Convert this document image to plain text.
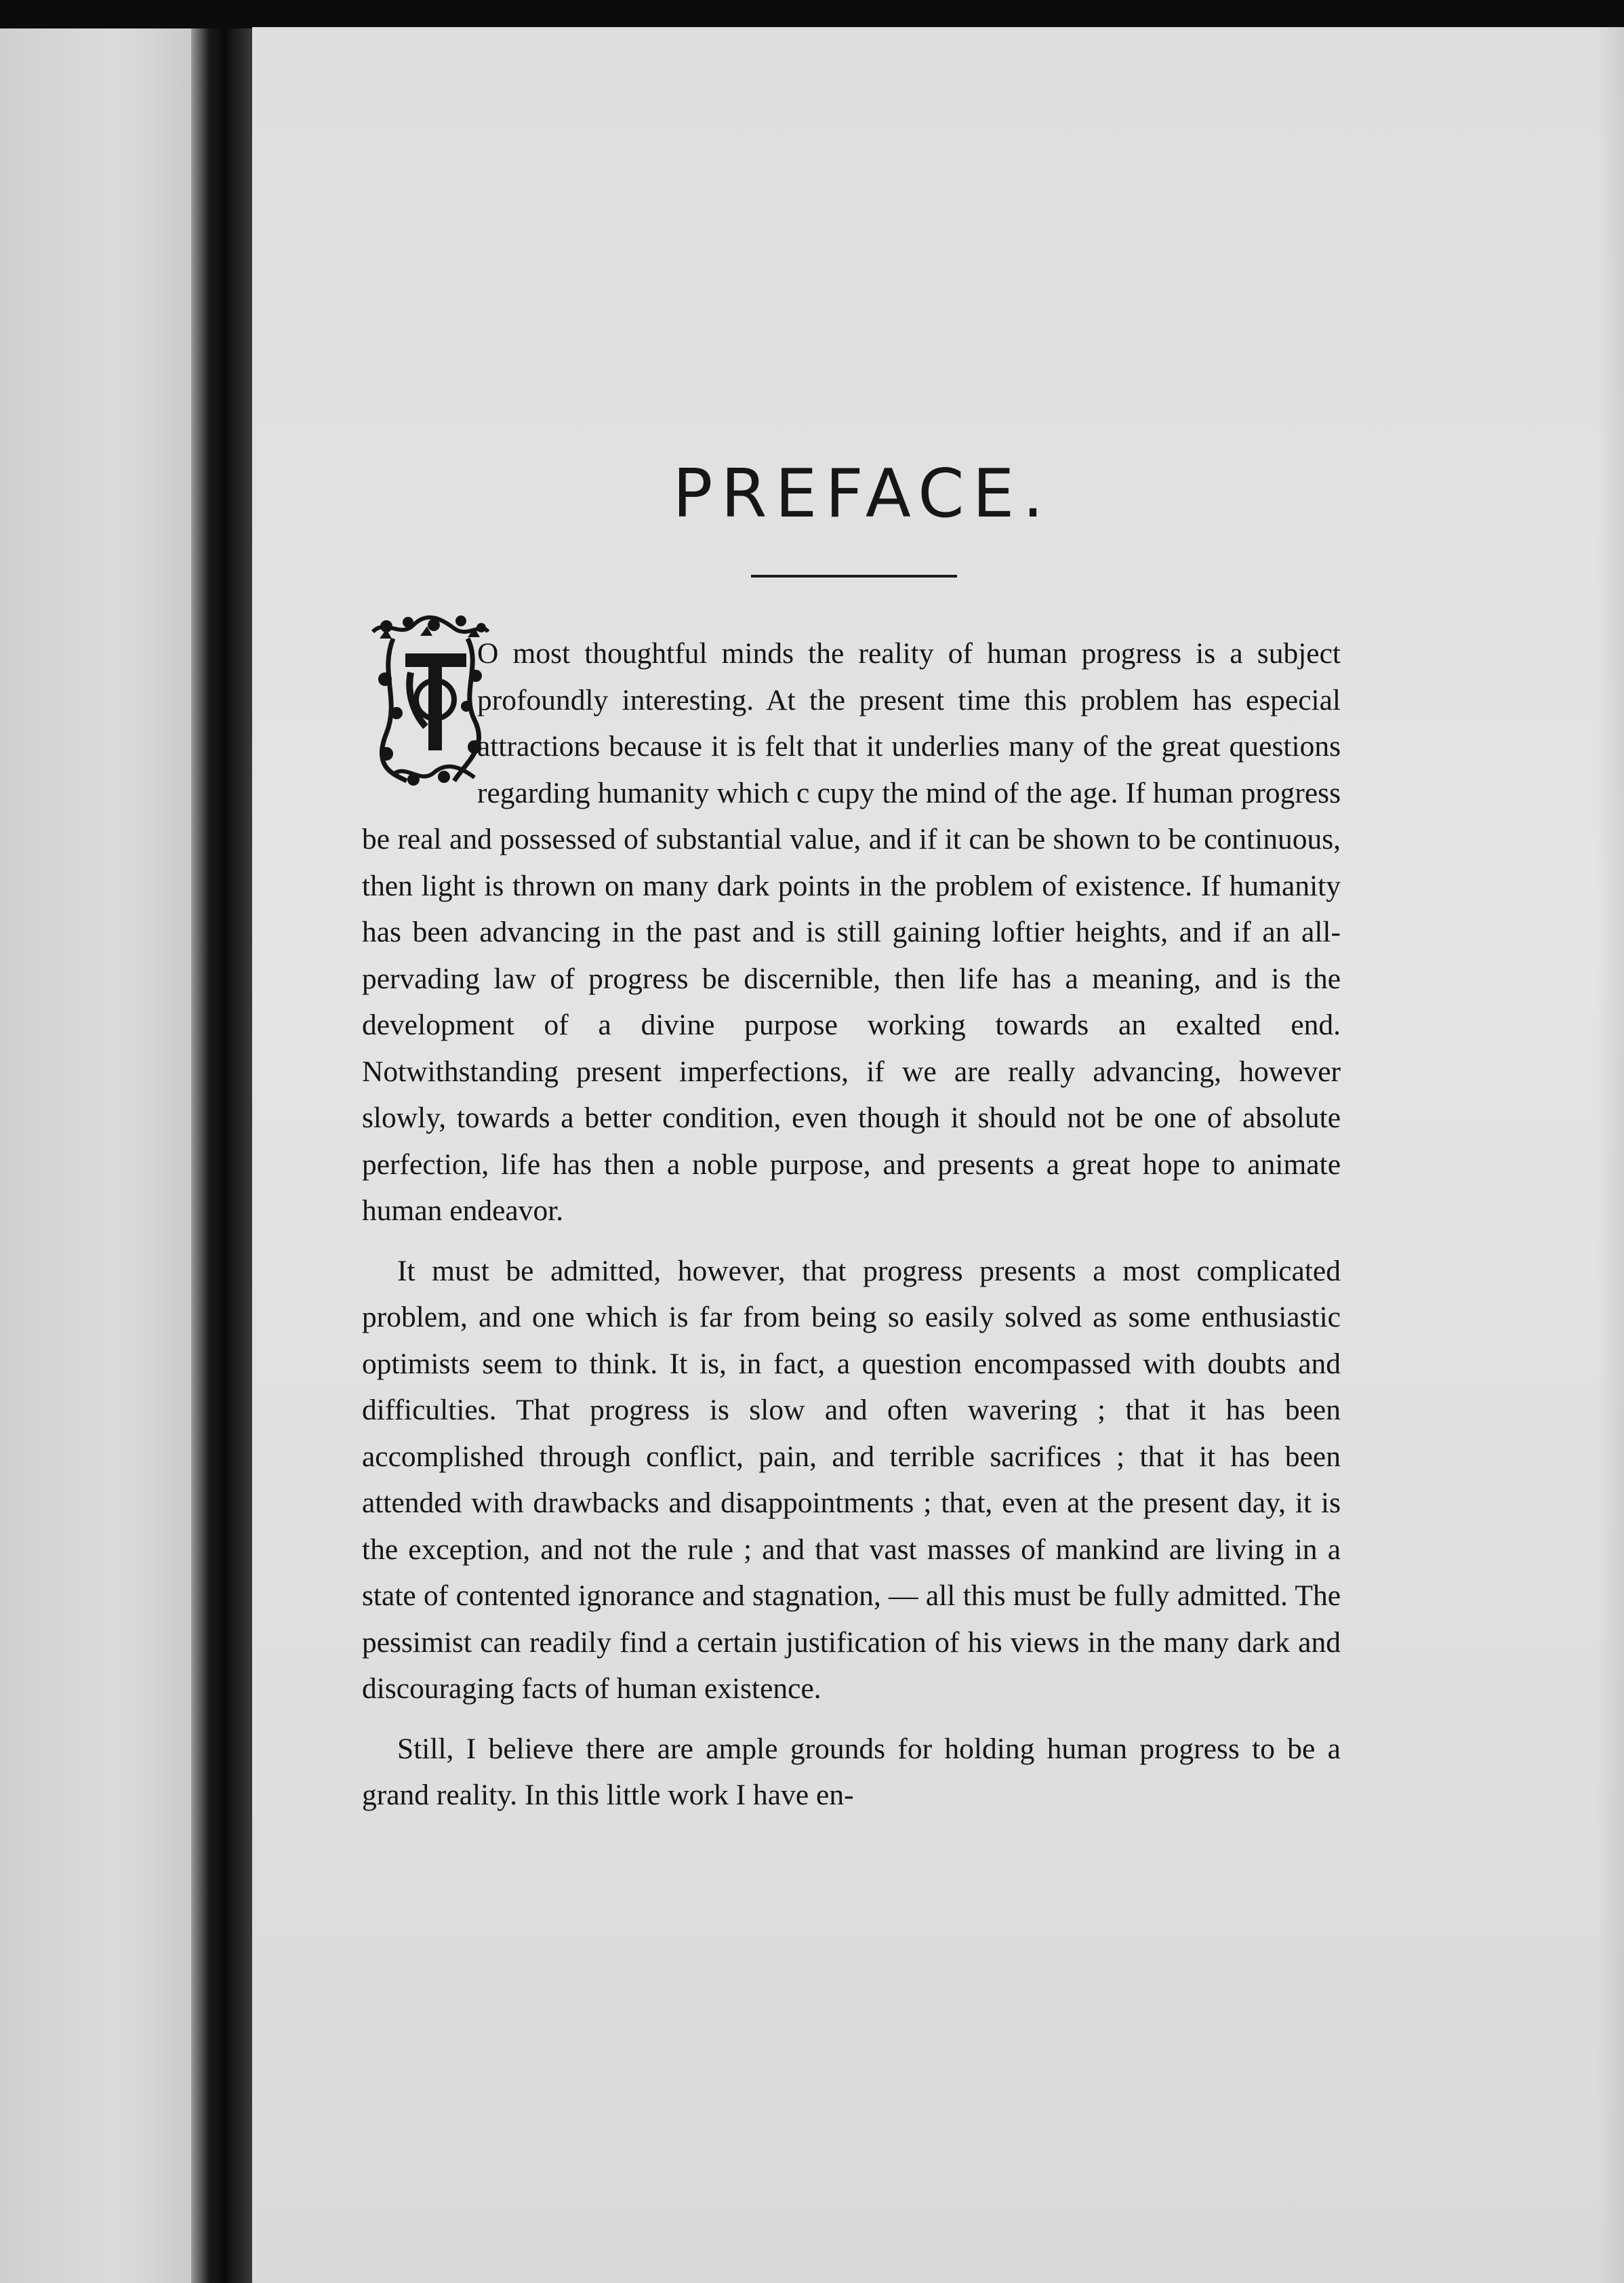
PREFACE.

O most thoughtful minds the reality of human progress is a subject profoundly interesting. At the present time this problem has especial attractions because it is felt that it underlies many of the great questions regarding humanity which c cupy the mind of the age. If human progress be real and possessed of substantial value, and if it can be shown to be continuous, then light is thrown on many dark points in the problem of existence. If humanity has been advancing in the past and is still gaining loftier heights, and if an all-pervading law of progress be discernible, then life has a meaning, and is the development of a divine purpose working towards an exalted end. Notwithstanding present imperfections, if we are really advancing, however slowly, towards a better condition, even though it should not be one of absolute perfection, life has then a noble purpose, and presents a great hope to animate human endeavor.

It must be admitted, however, that progress presents a most complicated problem, and one which is far from being so easily solved as some enthusiastic optimists seem to think. It is, in fact, a question encompassed with doubts and difficulties. That progress is slow and often wavering ; that it has been accomplished through conflict, pain, and terrible sacrifices ; that it has been attended with drawbacks and disappointments ; that, even at the present day, it is the exception, and not the rule ; and that vast masses of mankind are living in a state of contented ignorance and stagnation, — all this must be fully admitted. The pessimist can readily find a certain justification of his views in the many dark and discouraging facts of human existence.

Still, I believe there are ample grounds for holding human progress to be a grand reality. In this little work I have en-
